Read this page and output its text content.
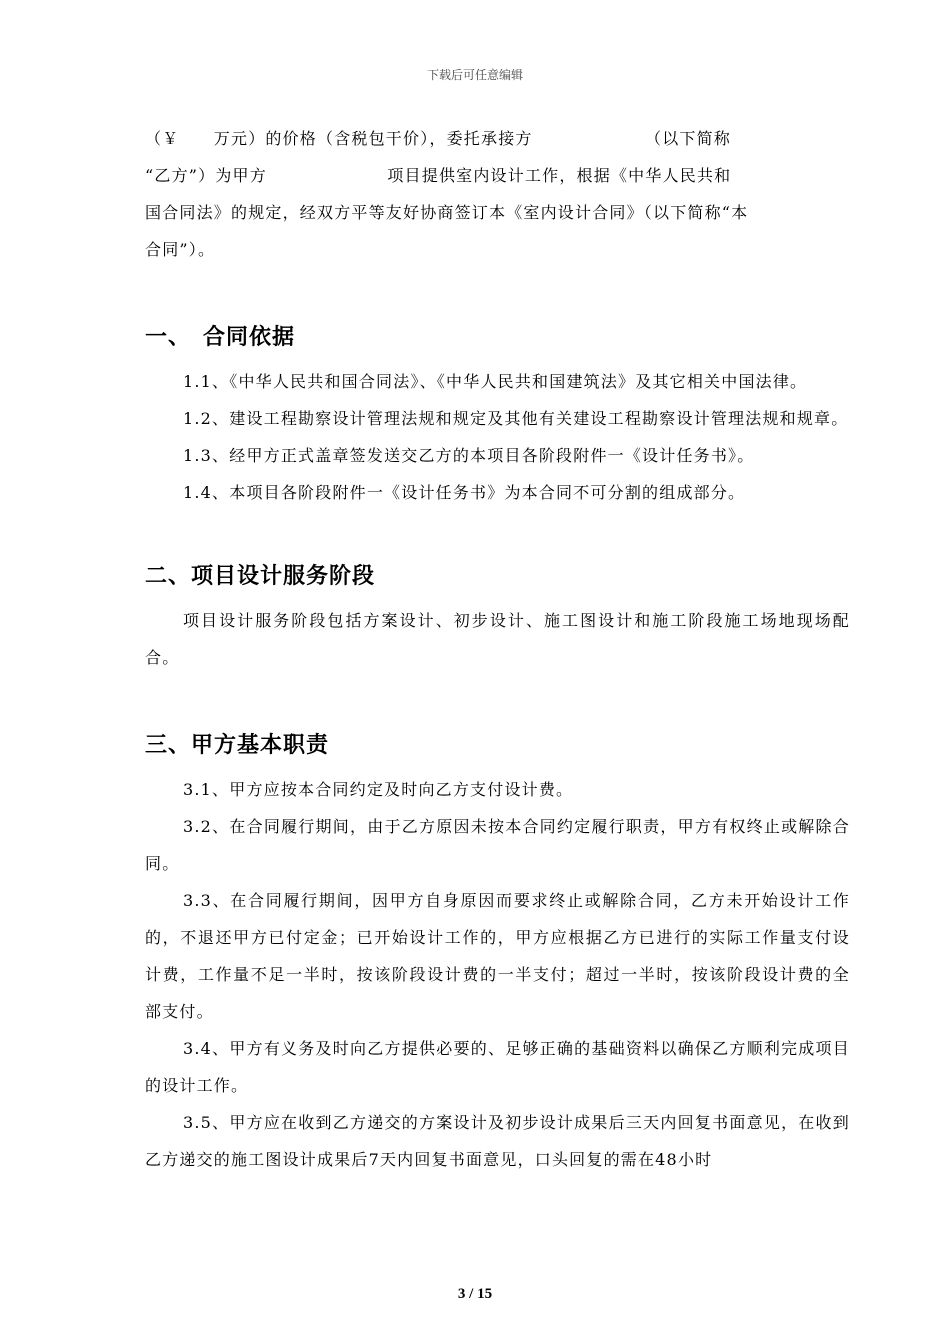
下载后可任意编辑

（￥　　万元）的价格（含税包干价），委托承接方　　　　　　　（以下简称

“乙方”）为甲方　　　　　　　项目提供室内设计工作，根据《中华人民共和

国合同法》的规定，经双方平等友好协商签订本《室内设计合同》（以下简称“本

合同”）。

一、　合同依据

1.1、《中华人民共和国合同法》、《中华人民共和国建筑法》及其它相关中国法律。

1.2、建设工程勘察设计管理法规和规定及其他有关建设工程勘察设计管理法规和规章。

1.3、经甲方正式盖章签发送交乙方的本项目各阶段附件一《设计任务书》。

1.4、本项目各阶段附件一《设计任务书》为本合同不可分割的组成部分。

二、项目设计服务阶段

项目设计服务阶段包括方案设计、初步设计、施工图设计和施工阶段施工场地现场配合。

三、甲方基本职责

3.1、甲方应按本合同约定及时向乙方支付设计费。

3.2、在合同履行期间，由于乙方原因未按本合同约定履行职责，甲方有权终止或解除合同。

3.3、在合同履行期间，因甲方自身原因而要求终止或解除合同，乙方未开始设计工作的，不退还甲方已付定金；已开始设计工作的，甲方应根据乙方已进行的实际工作量支付设计费，工作量不足一半时，按该阶段设计费的一半支付；超过一半时，按该阶段设计费的全部支付。

3.4、甲方有义务及时向乙方提供必要的、足够正确的基础资料以确保乙方顺利完成项目的设计工作。

3.5、甲方应在收到乙方递交的方案设计及初步设计成果后三天内回复书面意见，在收到乙方递交的施工图设计成果后7天内回复书面意见，口头回复的需在48小时

3 / 15
